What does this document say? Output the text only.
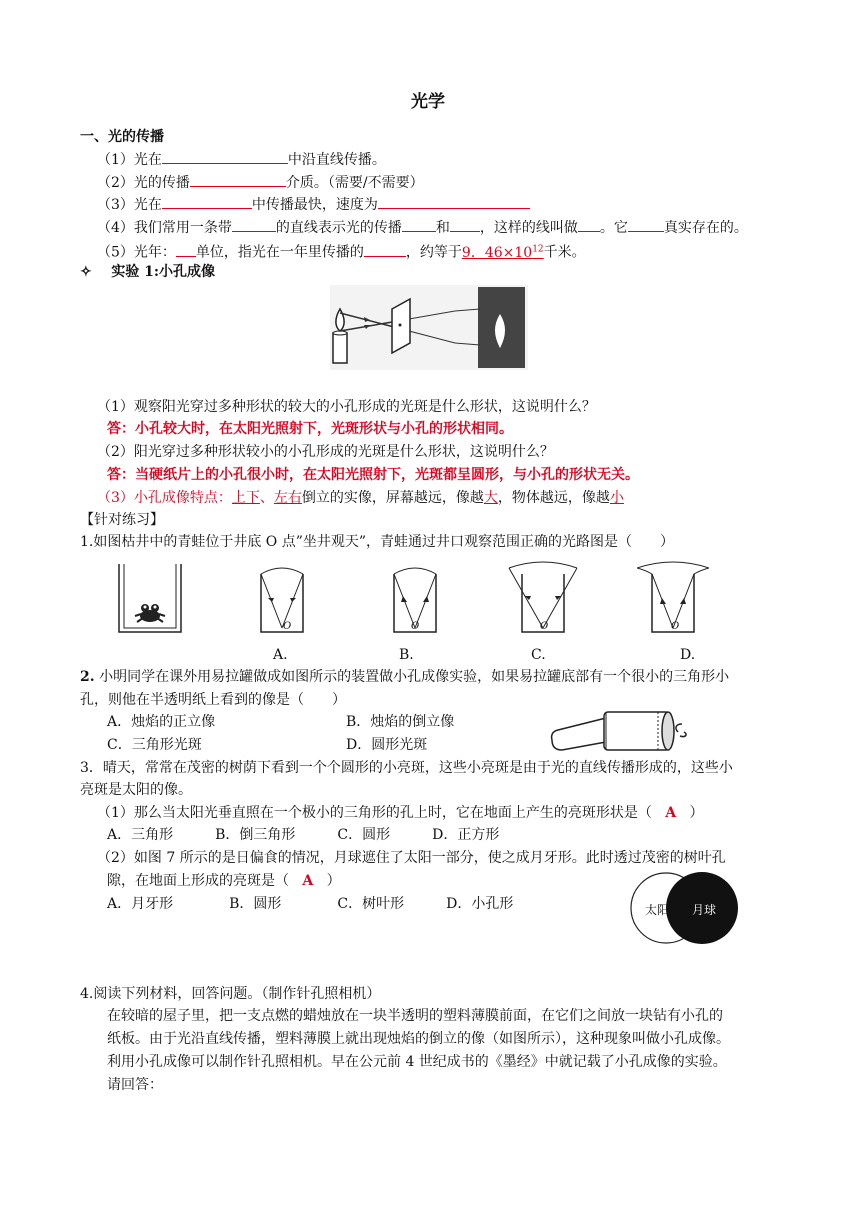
光学
一、光的传播
（1）光在	中沿直线传播。
（2）光的传播	介质。（需要/不需要）
（3）光在	中传播最快，速度为
（4）我们常用一条带	的直线表示光的传播 和 ，这样的线叫做 。它	真实存在的。
（5）光年： 单位，指光在一年里传播的	，约等于9．$46\times 10^{12}$千米。
✧ 实验 1:小孔成像
（1）观察阳光穿过多种形状的较大的小孔形成的光斑是什么形状，这说明什么？
答：小孔较大时，在太阳光照射下，光斑形状与小孔的形状相同。
（2）阳光穿过多种形状较小的小孔形成的光斑是什么形状，这说明什么？
答：当硬纸片上的小孔很小时，在太阳光照射下，光斑都呈圆形，与小孔的形状无关。
（3）小孔成像特点：上下、左右倒立的实像，屏幕越远，像越大，物体越远，像越小
【针对练习】
1.如图枯井中的青蛙位于井底 O 点”坐井观天”，青蛙通过井口观察范围正确的光路图是（　　）
O	O	O	O
A.	B.	C.	D.
2. 小明同学在课外用易拉罐做成如图所示的装置做小孔成像实验，如果易拉罐底部有一个很小的三角形小
孔，则他在半透明纸上看到的像是（　　）
A．烛焰的正立像	B．烛焰的倒立像
C．三角形光斑	D．圆形光斑
3．晴天，常常在茂密的树荫下看到一个个圆形的小亮斑，这些小亮斑是由于光的直线传播形成的，这些小
亮斑是太阳的像。
（1）那么当太阳光垂直照在一个极小的三角形的孔上时，它在地面上产生的亮斑形状是（ A ）
A．三角形　　　B．倒三角形　　　C．圆形　　　D．正方形
（2）如图 7 所示的是日偏食的情况，月球遮住了太阳一部分，使之成月牙形。此时透过茂密的树叶孔
隙，在地面上形成的亮斑是（ A ）
A．月牙形　　　　B．圆形　　　　C．树叶形　　　D．小孔形	太阳 月球
4.阅读下列材料，回答问题。（制作针孔照相机）
在较暗的屋子里，把一支点燃的蜡烛放在一块半透明的塑料薄膜前面，在它们之间放一块钻有小孔的
纸板。由于光沿直线传播，塑料薄膜上就出现烛焰的倒立的像（如图所示），这种现象叫做小孔成像。
利用小孔成像可以制作针孔照相机。早在公元前 4 世纪成书的《墨经》中就记载了小孔成像的实验。
请回答：
